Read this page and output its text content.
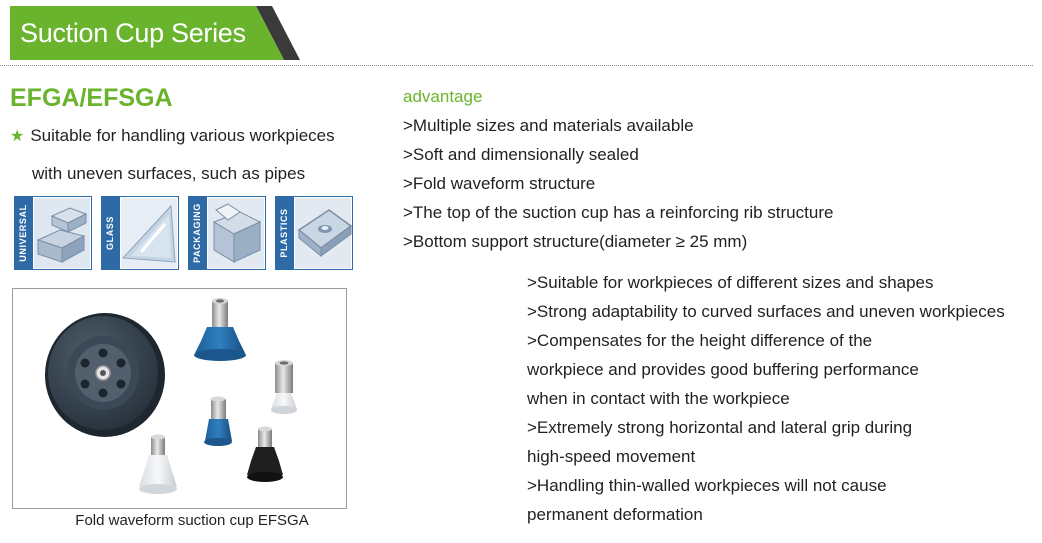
Suction Cup Series
EFGA/EFSGA
★ Suitable for handling various workpieces
with uneven surfaces, such as pipes
UNIVERSAL	GLASS	PACKAGING	PLASTICS
Fold waveform suction cup EFSGA
advantage
>Multiple sizes and materials available
>Soft and dimensionally sealed
>Fold waveform structure
>The top of the suction cup has a reinforcing rib structure
>Bottom support structure(diameter ≥ 25 mm)
>Suitable for workpieces of different sizes and shapes
>Strong adaptability to curved surfaces and uneven workpieces
>Compensates for the height difference of the
workpiece and provides good buffering performance
when in contact with the workpiece
>Extremely strong horizontal and lateral grip during
high-speed movement
>Handling thin-walled workpieces will not cause
permanent deformation
